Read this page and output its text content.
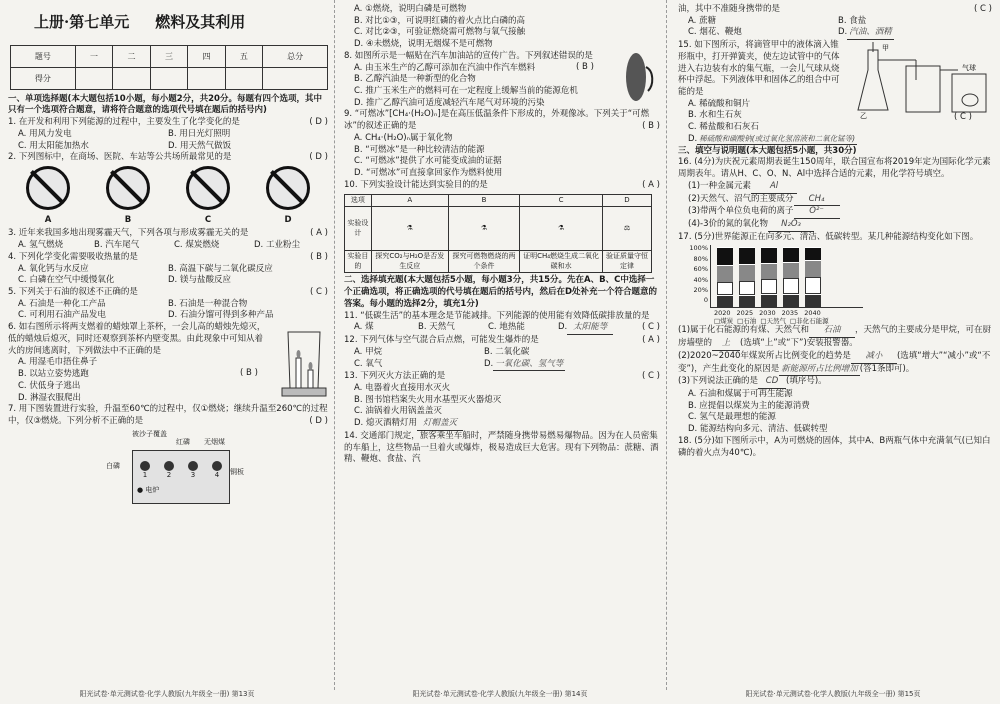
上册·第七单元 燃料及其利用
题号	一	二	三	四	五	总分
得分						

一、单项选择题(本大题包括10小题，每小题2分，共20分。每题有四个选项，其中只有一个选项符合题意，请将符合题意的选项代号填在题后的括号内)

1. 在开发和利用下列能源的过程中，主要发生了化学变化的是	( D )

A. 用风力发电	B. 用日光灯照明

C. 用太阳能加热水	D. 用天然气做饭

2. 下列图标中，在商场、医院、车站等公共场所最常见的是	( D )

A	B	C	D

3. 近年来我国多地出现雾霾天气，下列各项与形成雾霾无关的是	( A )

A. 氢气燃烧	B. 汽车尾气	C. 煤炭燃烧	D. 工业粉尘

4. 下列化学变化需要吸收热量的是	( B )

A. 氧化钙与水反应	B. 高温下碳与二氧化碳反应

C. 白磷在空气中缓慢氧化	D. 镁与盐酸反应

5. 下列关于石油的叙述不正确的是	( C )

A. 石油是一种化工产品	B. 石油是一种混合物

C. 可利用石油产品发电	D. 石油分馏可得到多种产品

6. 如右图所示将两支燃着的蜡烛罩上茶杯，一会儿高的蜡烛先熄灭，低的蜡烛后熄灭，同时还观察到茶杯内壁变黑。由此现象中可知从着火的房间逃离时，下列做法中不正确的是

( B )

A. 用湿毛巾捂住鼻子

B. 以站立姿势逃跑

C. 伏低身子逃出

D. 淋湿衣服爬出

7. 用下图装置进行实验，升温至60℃的过程中，仅①燃烧；继续升温至260℃的过程中，仅③燃烧。下列分析不正确的是	( D )

被沙子覆盖
红磷 无烟煤
白磷
铜板
1	2	3	4
● 电炉
阳光试卷·单元测试卷·化学人教版(九年级全一册) 第13页

A. ①燃烧，说明白磷是可燃物

B. 对比①③，可说明红磷的着火点比白磷的高

C. 对比②③，可验证燃烧需可燃物与氧气接触

D. ④未燃烧，说明无烟煤不是可燃物

8. 如图所示是一幅贴在汽车加油站的宣传广告。下列叙述错误的是

( B )

A. 由玉米生产的乙醇可添加在汽油中作汽车燃料

B. 乙醇汽油是一种新型的化合物

C. 推广玉米生产的燃料可在一定程度上缓解当前的能源危机

D. 推广乙醇汽油可适度减轻汽车尾气对环境的污染

9. “可燃冰”[CH₄·(H₂O)ₙ]是在高压低温条件下形成的，外观像冰。下列关于“可燃冰”的叙述正确的是	( B )

A. CH₄·(H₂O)ₙ属于氧化物

B. “可燃冰”是一种比较清洁的能源

C. “可燃冰”提供了水可能变成油的证据

D. “可燃冰”可直接拿回家作为燃料使用

10. 下列实验设计能达到实验目的的是	( A )

选项	A	B	C	D
实验设计	⚗	⚗	⚗	⚖
实验目的	探究CO₂与H₂O是否发生反应	探究可燃物燃烧的两个条件	证明CH₄燃烧生成二氧化碳和水	验证质量守恒定律

二、选择填充题(本大题包括5小题，每小题3分，共15分。先在A、B、C中选择一个正确选项，将正确选项的代号填在题后的括号内，然后在D处补充一个符合题意的答案。每小题的选择2分，填充1分)

11. “低碳生活”的基本理念是节能减排。下列能源的使用能有效降低碳排放量的是
( C )

A. 煤	B. 天然气	C. 地热能	D. 太阳能等

12. 下列气体与空气混合后点燃，可能发生爆炸的是	( A )

A. 甲烷	B. 二氧化碳

C. 氧气	D. 一氧化碳、氢气等

13. 下列灭火方法正确的是	( C )

A. 电器着火直接用水灭火

B. 图书馆档案失火用水基型灭火器熄灭

C. 油锅着火用锅盖盖灭

D. 熄灭酒精灯用 灯帽盖灭

14. 交通部门规定，旅客乘坐车船时，严禁随身携带易燃易爆物品。因为在人员密集的车船上，这些物品一旦着火或爆炸，极易造成巨大危害。现有下列物品：蔗糖、酒精、鞭炮、食盐、汽

阳光试卷·单元测试卷·化学人教版(九年级全一册) 第14页

油，其中不准随身携带的是	( C )

A. 蔗糖	B. 食盐

C. 烟花、鞭炮	D. 汽油、酒精

15. 如下图所示，将滴管甲中的液体滴入锥形瓶中，打开弹簧夹，使左边试管中的气体进入右边装有水的集气瓶，一会儿气球从烧杯中浮起。下列液体甲和固体乙的组合中可能的是

( C )
甲
乙
气球

A. 稀硫酸和铜片

B. 水和生石灰

C. 稀盐酸和石灰石

D. 稀硫酸和碳酸钠(或过氧化氢溶液和二氧化锰等)

三、填空与说明题(本大题包括5小题，共30分)

16. (4分)为庆祝元素周期表诞生150周年，联合国宣布将2019年定为国际化学元素周期表年。请从H、C、O、N、Al中选择合适的元素，用化学符号填空。

(1)一种金属元素 Al

(2)天然气、沼气的主要成分 CH₄

(3)带两个单位负电荷的离子 O²⁻

(4)-3价的氮的氧化物 N₂O₃

17. (5分)世界能源正在向多元、清洁、低碳转型。某几种能源结构变化如下图。

100%
80%
60%
40%
20%
0
2020 2025 2030 2035 2040
□煤炭 □石油 □天然气 □非化石能源

(1)属于化石能源的有煤、天然气和 石油 ，天然气的主要成分是甲烷，可在厨房墙壁的 上 (选填“上”或“下”)安装报警器。

(2)2020~2040年煤炭所占比例变化的趋势是 减小 (选填“增大”“减小”或“不变”)，产生此变化的原因是 新能源所占比例增加 (答1条即可)。

(3)下列说法正确的是 CD (填序号)。

A. 石油和煤属于可再生能源

B. 应提倡以煤炭为主的能源消费

C. 氢气是最理想的能源

D. 能源结构向多元、清洁、低碳转型

18. (5分)如下图所示中，A为可燃烧的固体，其中A、B两瓶气体中充满氧气(已知白磷的着火点为40℃)。

阳光试卷·单元测试卷·化学人教版(九年级全一册) 第15页
